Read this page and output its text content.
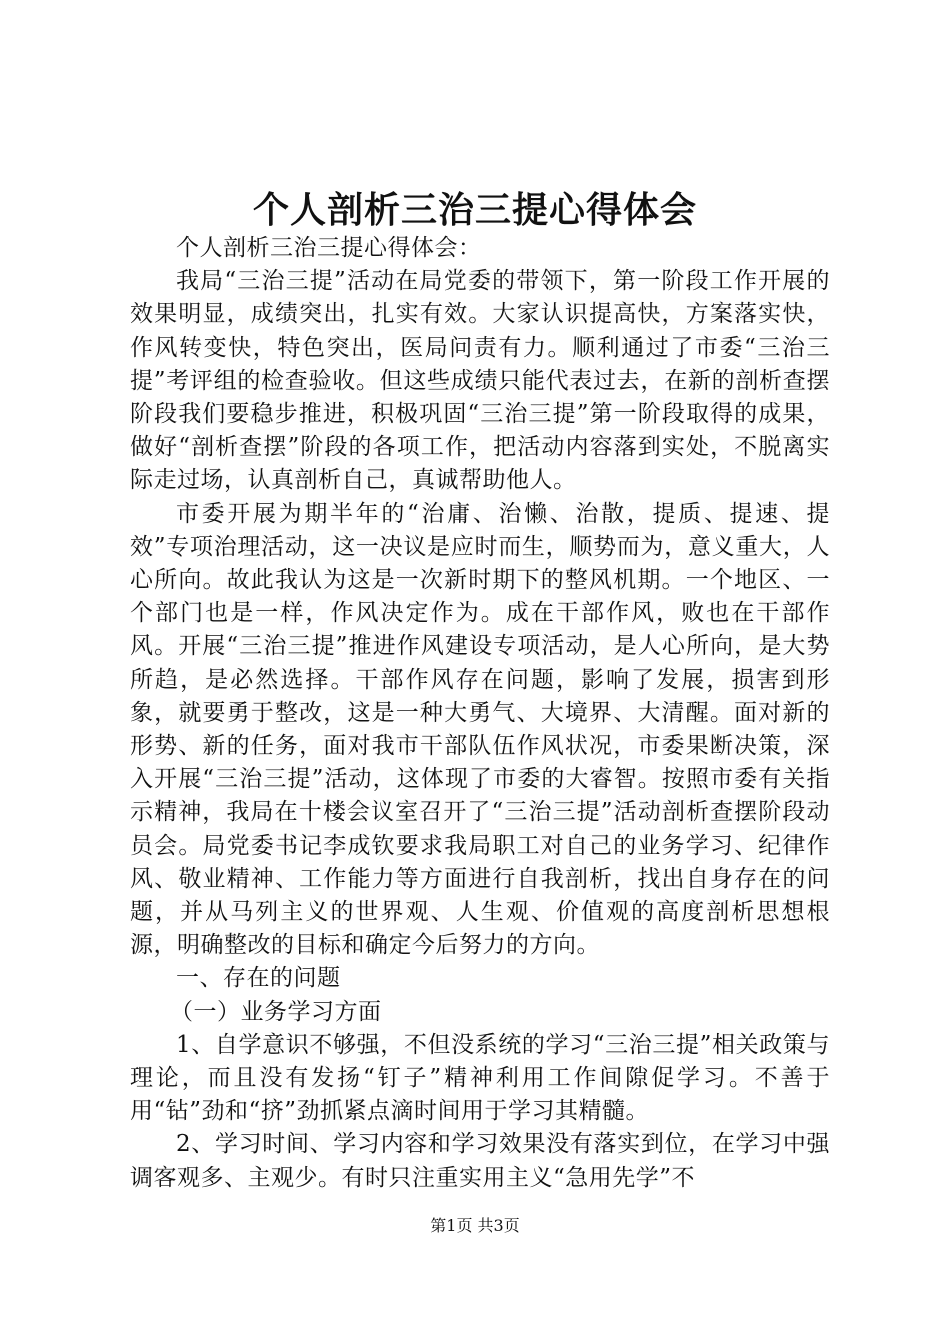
个人剖析三治三提心得体会

个人剖析三治三提心得体会：

我局“三治三提”活动在局党委的带领下，第一阶段工作开展的效果明显，成绩突出，扎实有效。大家认识提高快，方案落实快，作风转变快，特色突出，医局问责有力。顺利通过了市委“三治三提”考评组的检查验收。但这些成绩只能代表过去，在新的剖析查摆阶段我们要稳步推进，积极巩固“三治三提”第一阶段取得的成果，做好“剖析查摆”阶段的各项工作，把活动内容落到实处，不脱离实际走过场，认真剖析自己，真诚帮助他人。

市委开展为期半年的“治庸、治懒、治散，提质、提速、提效”专项治理活动，这一决议是应时而生，顺势而为，意义重大，人心所向。故此我认为这是一次新时期下的整风机期。一个地区、一个部门也是一样，作风决定作为。成在干部作风，败也在干部作风。开展“三治三提”推进作风建设专项活动，是人心所向，是大势所趋，是必然选择。干部作风存在问题，影响了发展，损害到形象，就要勇于整改，这是一种大勇气、大境界、大清醒。面对新的形势、新的任务，面对我市干部队伍作风状况，市委果断决策，深入开展“三治三提”活动，这体现了市委的大睿智。按照市委有关指示精神，我局在十楼会议室召开了“三治三提”活动剖析查摆阶段动员会。局党委书记李成钦要求我局职工对自己的业务学习、纪律作风、敬业精神、工作能力等方面进行自我剖析，找出自身存在的问题，并从马列主义的世界观、人生观、价值观的高度剖析思想根源，明确整改的目标和确定今后努力的方向。

一、存在的问题

（一）业务学习方面

1、自学意识不够强，不但没系统的学习“三治三提”相关政策与理论，而且没有发扬“钉子”精神利用工作间隙促学习。不善于用“钻”劲和“挤”劲抓紧点滴时间用于学习其精髓。

2、学习时间、学习内容和学习效果没有落实到位，在学习中强调客观多、主观少。有时只注重实用主义“急用先学”不

第1页 共3页
